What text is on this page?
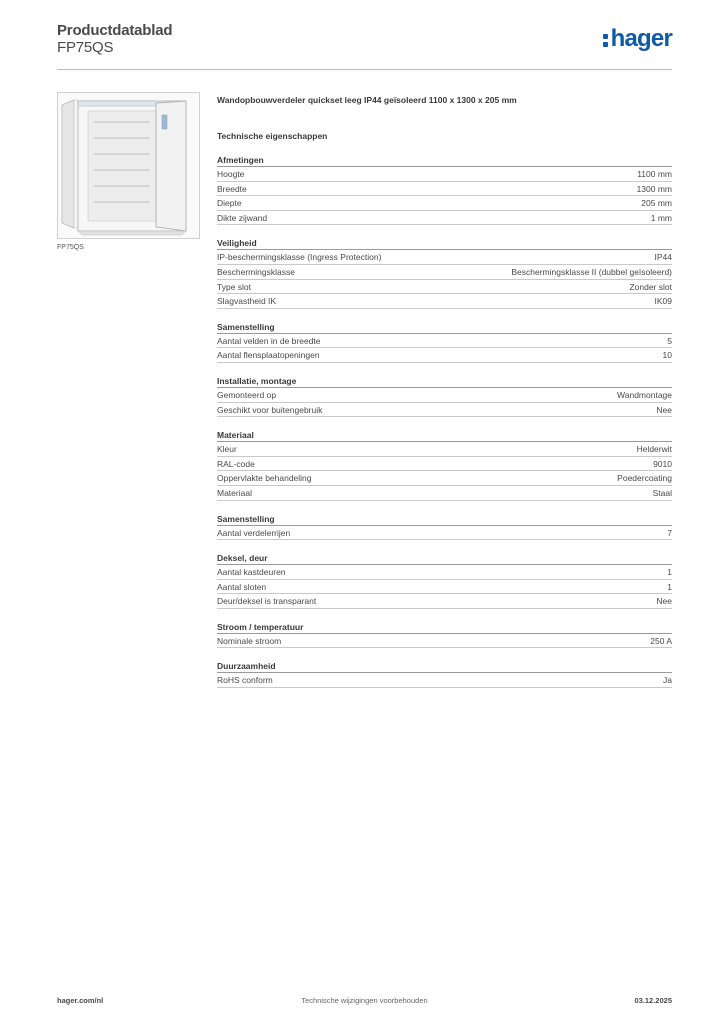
Productdatablad
FP75QS	hager
FP75QS
Wandopbouwverdeler quickset leeg IP44 geïsoleerd 1100 x 1300 x 205 mm
Technische eigenschappen
Afmetingen
Hoogte	1100 mm
Breedte	1300 mm
Diepte	205 mm
Dikte zijwand	1 mm
Veiligheid
IP-beschermingsklasse (Ingress Protection)	IP44
Beschermingsklasse	Beschermingsklasse II (dubbel geïsoleerd)
Type slot	Zonder slot
Slagvastheid IK	IK09
Samenstelling
Aantal velden in de breedte	5
Aantal flensplaatopeningen	10
Installatie, montage
Gemonteerd op	Wandmontage
Geschikt voor buitengebruik	Nee
Materiaal
Kleur	Helderwit
RAL-code	9010
Oppervlakte behandeling	Poedercoating
Materiaal	Staal
Samenstelling
Aantal verdelerrijen	7
Deksel, deur
Aantal kastdeuren	1
Aantal sloten	1
Deur/deksel is transparant	Nee
Stroom / temperatuur
Nominale stroom	250 A
Duurzaamheid
RoHS conform	Ja
hager.com/nl	Technische wijzigingen voorbehouden	03.12.2025
